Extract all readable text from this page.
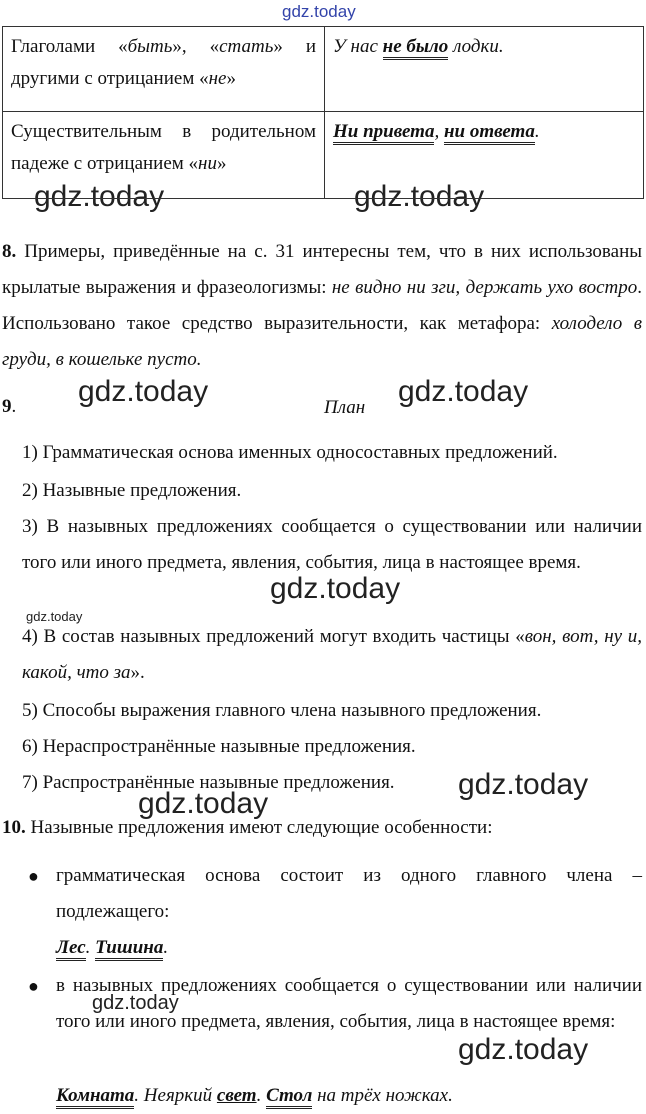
gdz.today
gdz.today	gdz.today
gdz.today	gdz.today
gdz.today
gdz.today
gdz.today
gdz.today
gdz.today
gdz.today
Глаголами «быть», «стать» и другими с отрицанием «не»	У нас не было лодки.
Существительным в родительном падеже с отрицанием «ни»	Ни привета, ни ответа.
8. Примеры, приведённые на с. 31 интересны тем, что в них использованы крылатые выражения и фразеологизмы: не видно ни зги, держать ухо востро. Использовано такое средство выразительности, как метафора: холодело в груди, в кошельке пусто.
9.	План
1) Грамматическая основа именных односоставных предложений.
2) Назывные предложения.
3) В назывных предложениях сообщается о существовании или наличии того или иного предмета, явления, события, лица в настоящее время.
4) В состав назывных предложений могут входить частицы «вон, вот, ну и, какой, что за».
5) Способы выражения главного члена назывного предложения.
6) Нераспространённые назывные предложения.
7) Распространённые назывные предложения.
10. Назывные предложения имеют следующие особенности:
● грамматическая основа состоит из одного главного члена – подлежащего:
Лес. Тишина.
● в назывных предложениях сообщается о существовании или наличии того или иного предмета, явления, события, лица в настоящее время:
Комната. Неяркий свет. Стол на трёх ножках.
